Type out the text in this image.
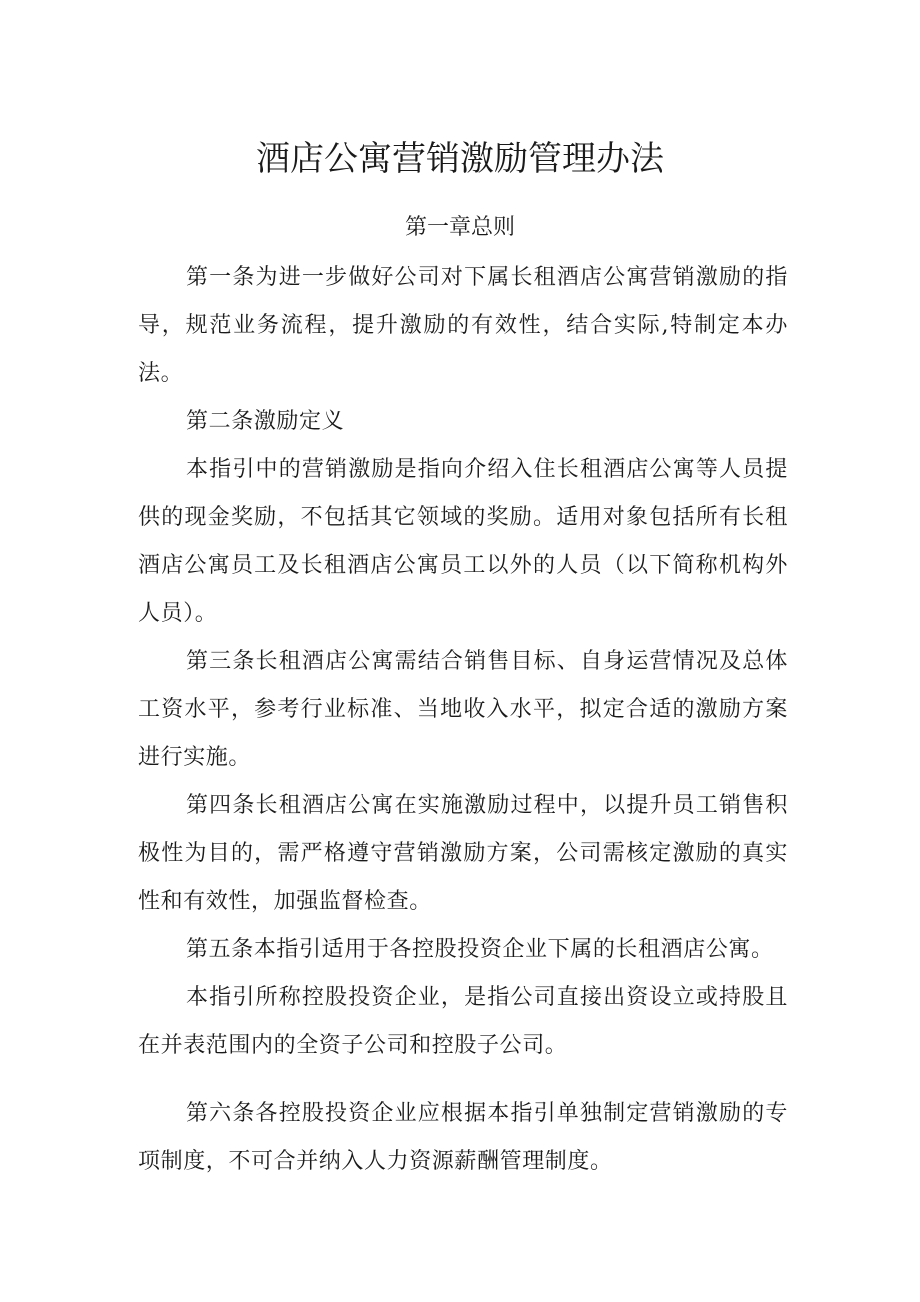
酒店公寓营销激励管理办法
第一章总则

第一条为进一步做好公司对下属长租酒店公寓营销激励的指导，规范业务流程，提升激励的有效性，结合实际,特制定本办法。

第二条激励定义

本指引中的营销激励是指向介绍入住长租酒店公寓等人员提供的现金奖励，不包括其它领域的奖励。适用对象包括所有长租酒店公寓员工及长租酒店公寓员工以外的人员（以下简称机构外人员）。

第三条长租酒店公寓需结合销售目标、自身运营情况及总体工资水平，参考行业标准、当地收入水平，拟定合适的激励方案进行实施。

第四条长租酒店公寓在实施激励过程中，以提升员工销售积极性为目的，需严格遵守营销激励方案，公司需核定激励的真实性和有效性，加强监督检查。

第五条本指引适用于各控股投资企业下属的长租酒店公寓。

本指引所称控股投资企业，是指公司直接出资设立或持股且在并表范围内的全资子公司和控股子公司。

第六条各控股投资企业应根据本指引单独制定营销激励的专项制度，不可合并纳入人力资源薪酬管理制度。
